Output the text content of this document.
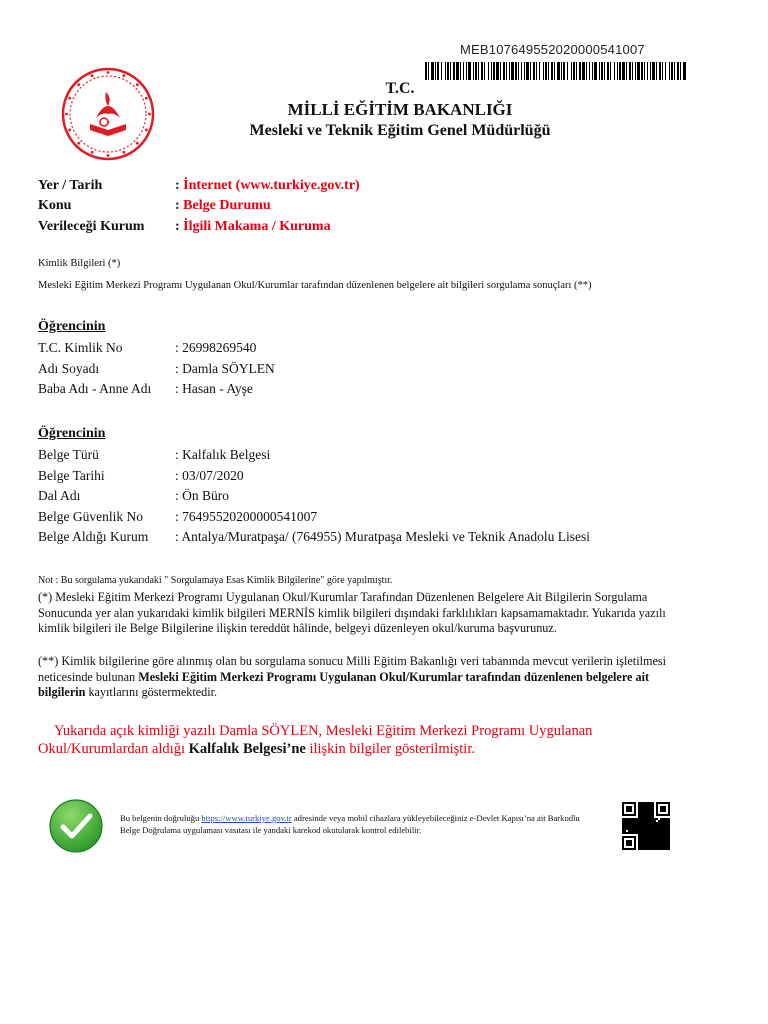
MEB107649552020000541007
T.C.
MİLLİ EĞİTİM BAKANLIĞI
Mesleki ve Teknik Eğitim Genel Müdürlüğü
Yer / Tarih	: İnternet (www.turkiye.gov.tr)
Konu	: Belge Durumu
Verileceği Kurum : İlgili Makama / Kuruma
Kimlik Bilgileri (*)
Mesleki Eğitim Merkezi Programı Uygulanan Okul/Kurumlar tarafından düzenlenen belgelere ait bilgileri sorgulama sonuçları (**)
Öğrencinin
T.C. Kimlik No	: 26998269540
Adı Soyadı	: Damla SÖYLEN
Baba Adı - Anne Adı : Hasan - Ayşe
Öğrencinin
Belge Türü	: Kalfalık Belgesi
Belge Tarihi	: 03/07/2020
Dal Adı	: Ön Büro
Belge Güvenlik No : 76495520200000541007
Belge Aldığı Kurum : Antalya/Muratpaşa/ (764955) Muratpaşa Mesleki ve Teknik Anadolu Lisesi
Not : Bu sorgulama yukarıdaki " Sorgulamaya Esas Kimlik Bilgilerine" göre yapılmıştır.
(*) Mesleki Eğitim Merkezi Programı Uygulanan Okul/Kurumlar Tarafından Düzenlenen Belgelere Ait Bilgilerin Sorgulama Sonucunda yer alan yukarıdaki kimlik bilgileri MERNİS kimlik bilgileri dışındaki farklılıkları kapsamamaktadır. Yukarıda yazılı kimlik bilgileri ile Belge Bilgilerine ilişkin tereddüt hâlinde, belgeyi düzenleyen okul/kuruma başvurunuz.
(**) Kimlik bilgilerine göre alınmış olan bu sorgulama sonucu Milli Eğitim Bakanlığı veri tabanında mevcut verilerin işletilmesi neticesinde bulunan Mesleki Eğitim Merkezi Programı Uygulanan Okul/Kurumlar tarafından düzenlenen belgelere ait bilgilerin kayıtlarını göstermektedir.
Yukarıda açık kimliği yazılı Damla SÖYLEN, Mesleki Eğitim Merkezi Programı Uygulanan Okul/Kurumlardan aldığı Kalfalık Belgesi’ne ilişkin bilgiler gösterilmiştir.
Bu belgenin doğruluğu https://www.turkiye.gov.tr adresinde veya mobil cihazlara yükleyebileceğiniz e-Devlet Kapısı’na ait Barkodlu Belge Doğrulama uygulaması vasıtası ile yandaki karekod okutularak kontrol edilebilir.
